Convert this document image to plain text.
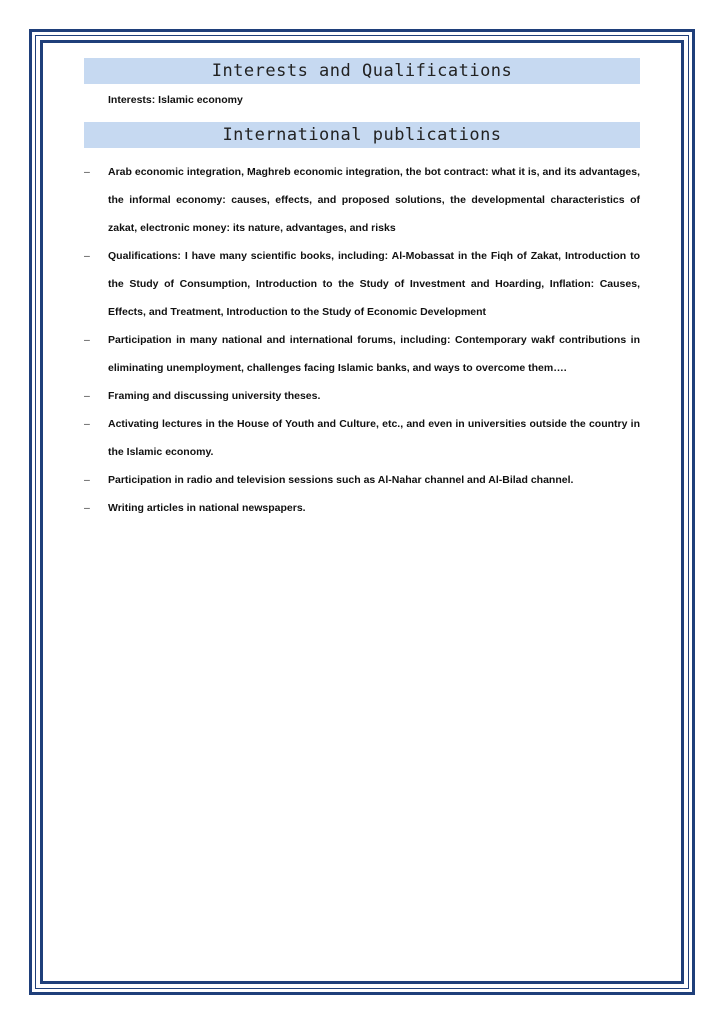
Interests and Qualifications
Interests: Islamic economy
International publications
– Arab economic integration, Maghreb economic integration, the bot contract: what it is, and its advantages, the informal economy: causes, effects, and proposed solutions, the developmental characteristics of zakat, electronic money: its nature, advantages, and risks
– Qualifications: I have many scientific books, including: Al-Mobassat in the Fiqh of Zakat, Introduction to the Study of Consumption, Introduction to the Study of Investment and Hoarding, Inflation: Causes, Effects, and Treatment, Introduction to the Study of Economic Development
– Participation in many national and international forums, including: Contemporary wakf contributions in eliminating unemployment, challenges facing Islamic banks, and ways to overcome them….
– Framing and discussing university theses.
– Activating lectures in the House of Youth and Culture, etc., and even in universities outside the country in the Islamic economy.
– Participation in radio and television sessions such as Al-Nahar channel and Al-Bilad channel.
– Writing articles in national newspapers.
